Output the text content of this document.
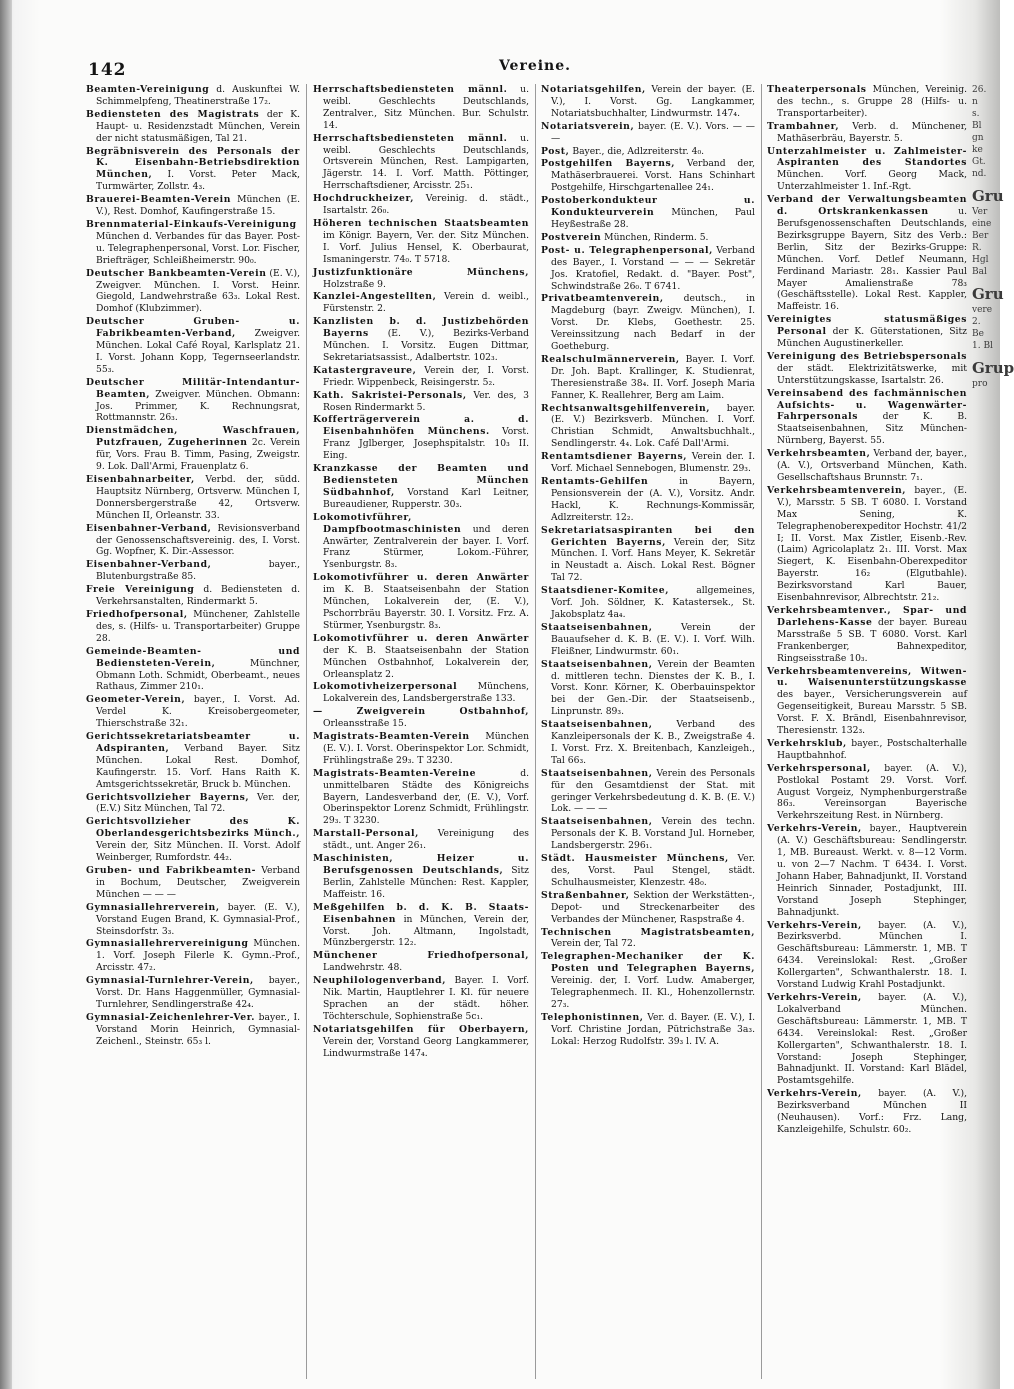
142	Vereine.

Beamten-Vereinigung d. Auskunftei W. Schimmelpfeng, Theatinerstraße 17₂.

Bediensteten des Magistrats der K. Haupt- u. Residenzstadt München, Verein der nicht statusmäßigen, Tal 21.

Begräbnisverein des Personals der K. Eisenbahn-Betriebsdirektion München, I. Vorst. Peter Mack, Turmwärter, Zollstr. 4₃.

Brauerei-Beamten-Verein München (E. V.), Rest. Domhof, Kaufingerstraße 15.

Brennmaterial-Einkaufs-Vereinigung München d. Verbandes für das Bayer. Post- u. Telegraphenpersonal, Vorst. Lor. Fischer, Briefträger, Schleißheimerstr. 90₀.

Deutscher Bankbeamten-Verein (E. V.), Zweigver. München. I. Vorst. Heinr. Giegold, Landwehrstraße 63₃. Lokal Rest. Domhof (Klubzimmer).

Deutscher Gruben- u. Fabrikbeamten-Verband, Zweigver. München. Lokal Café Royal, Karlsplatz 21. I. Vorst. Johann Kopp, Tegernseerlandstr. 55₃.

Deutscher Militär-Intendantur-Beamten, Zweigver. München. Obmann: Jos. Primmer, K. Rechnungsrat, Rottmannstr. 26₃.

Dienstmädchen, Waschfrauen, Putzfrauen, Zugeherinnen 2c. Verein für, Vors. Frau B. Timm, Pasing, Zweigstr. 9. Lok. Dall'Armi, Frauenplatz 6.

Eisenbahnarbeiter, Verbd. der, südd. Hauptsitz Nürnberg, Ortsverw. München I, Donnersbergerstraße 42, Ortsverw. München II, Orleanstr. 33.

Eisenbahner-Verband, Revisionsverband der Genossenschaftsvereinig. des, I. Vorst. Gg. Wopfner, K. Dir.-Assessor.

Eisenbahner-Verband,	bayer., Blutenburgstraße 85.

Freie Vereinigung d. Bediensteten d. Verkehrsanstalten, Rindermarkt 5.

Friedhofpersonal, Münchener, Zahlstelle des, s. (Hilfs- u. Transportarbeiter) Gruppe 28.

Gemeinde-Beamten- und Bediensteten-Verein,	Münchner, Obmann Loth. Schmidt, Oberbeamt., neues Rathaus, Zimmer 210₁.

Geometer-Verein, bayer., I. Vorst. Ad. Verdel K. Kreisobergeometer, Thierschstraße 32₁.

Gerichtssekretariatsbeamter u. Adspiranten, Verband Bayer. Sitz München. Lokal Rest. Domhof, Kaufingerstr. 15. Vorf. Hans Raith K. Amtsgerichtssekretär, Bruck b. München.

Gerichtsvollzieher Bayerns, Ver. der, (E.V.) Sitz München, Tal 72.

Gerichtsvollzieher des K. Oberlandesgerichtsbezirks Münch., Verein der, Sitz München. II. Vorst. Adolf Weinberger, Rumfordstr. 44₂.

Gruben- und Fabrikbeamten- Verband in Bochum, Deutscher, Zweigverein München — — —

Gymnasiallehrerverein, bayer. (E. V.), Vorstand Eugen Brand, K. Gymnasial-Prof., Steinsdorfstr. 3₃.

Gymnasiallehrervereinigung München. 1. Vorf. Joseph Filerle K. Gymn.-Prof., Arcisstr. 47₂.

Gymnasial-Turnlehrer-Verein, bayer., Vorst. Dr. Hans Haggenmüller, Gymnasial-Turnlehrer, Sendlingerstraße 42₄.

Gymnasial-Zeichenlehrer-Ver. bayer., I. Vorstand Morin Heinrich, Gymnasial-Zeichenl., Steinstr. 65₃ l.

Herrschaftsbediensteten männl. u. weibl. Geschlechts Deutschlands, Zentralver., Sitz München. Bur. Schulstr. 14.

Herrschaftsbediensteten männl. u. weibl. Geschlechts Deutschlands, Ortsverein München, Rest. Lampigarten, Jägerstr. 14. I. Vorf. Matth. Pöttinger, Herrschaftsdiener, Arcisstr. 25₁.

Hochdruckheizer, Vereinig. d. städt., Isartalstr. 26₀.

Höheren technischen Staatsbeamten im Königr. Bayern, Ver. der. Sitz München. I. Vorf. Julius Hensel, K. Oberbaurat, Ismaningerstr. 74₀. T 5718.

Justizfunktionäre Münchens, Holzstraße 9.

Kanzlei-Angestellten, Verein d. weibl., Fürstenstr. 2.

Kanzlisten b. d. Justizbehörden Bayerns (E. V.), Bezirks-Verband München. I. Vorsitz. Eugen Dittmar, Sekretariatsassist., Adalbertstr. 102₃.

Katastergraveure, Verein der, I. Vorst. Friedr. Wippenbeck, Reisingerstr. 5₂.

Kath. Sakristei-Personals, Ver. des, 3 Rosen Rindermarkt 5.

Kofferträgerverein a. d. Eisenbahnhöfen Münchens. Vorst. Franz Jglberger, Josephspitalstr. 10₃ II. Eing.

Kranzkasse der Beamten und Bediensteten München Südbahnhof, Vorstand Karl Leitner, Bureaudiener, Rupperstr. 30₃.

Lokomotivführer, Dampfbootmaschinisten und deren Anwärter, Zentralverein der bayer. I. Vorf. Franz Stürmer, Lokom.-Führer, Ysenburgstr. 8₃.

Lokomotivführer u. deren Anwärter im K. B. Staatseisenbahn der Station München, Lokalverein der, (E. V.), Pschorrbräu Bayerstr. 30. I. Vorsitz. Frz. A. Stürmer, Ysenburgstr. 8₃.

Lokomotivführer u. deren Anwärter der K. B. Staatseisenbahn der Station München Ostbahnhof, Lokalverein der, Orleansplatz 2.

Lokomotivheizerpersonal Münchens, Lokalverein des, Landsbergerstraße 133.

— Zweigverein Ostbahnhof, Orleansstraße 15.

Magistrats-Beamten-Verein München (E. V.). I. Vorst. Oberinspektor Lor. Schmidt, Frühlingstraße 29₃. T 3230.

Magistrats-Beamten-Vereine	d. unmittelbaren Städte des Königreichs Bayern, Landesverband der, (E. V.), Vorf. Oberinspektor Lorenz Schmidt, Frühlingstr. 29₃. T 3230.

Marstall-Personal, Vereinigung des städt., unt. Anger 26₁.

Maschinisten, Heizer u. Berufsgenossen Deutschlands, Sitz Berlin, Zahlstelle München: Rest. Kappler, Maffeistr. 16.

Meßgehilfen b. d. K. B. Staats-Eisenbahnen in München, Verein der, Vorst. Joh. Altmann, Ingolstadt, Münzbergerstr. 12₂.

Münchener Friedhofpersonal, Landwehrstr. 48.

Neuphilologenverband, Bayer. I. Vorf. Nik. Martin, Hauptlehrer I. Kl. für neuere Sprachen an der städt. höher. Töchterschule, Sophienstraße 5c₁.

Notariatsgehilfen für Oberbayern, Verein der, Vorstand Georg Langkammerer, Lindwurmstraße 147₄.

Notariatsgehilfen, Verein der bayer. (E. V.), I. Vorst. Gg. Langkammer, Notariatsbuchhalter, Lindwurmstr. 147₄.

Notariatsverein, bayer. (E. V.). Vors. — — —

Post, Bayer., die, Adlzreiterstr. 4₀.

Postgehilfen Bayerns, Verband der, Mathäserbrauerei. Vorst. Hans Schinhart Postgehilfe, Hirschgartenallee 24₁.

Postoberkondukteur u. Kondukteurverein München, Paul Heyßestraße 28.

Postverein München, Rinderm. 5.

Post- u. Telegraphenpersonal, Verband des Bayer., I. Vorstand — — — Sekretär Jos. Kratofiel, Redakt. d. "Bayer. Post", Schwindstraße 26₀. T 6741.

Privatbeamtenverein, deutsch., in Magdeburg (bayr. Zweigv. München), I. Vorst. Dr. Klebs, Goethestr. 25. Vereinssitzung nach Bedarf in der Goetheburg.

Realschulmännerverein, Bayer. I. Vorf. Dr. Joh. Bapt. Krallinger, K. Studienrat, Theresienstraße 38₄. II. Vorf. Joseph Maria Fanner, K. Reallehrer, Berg am Laim.

Rechtsanwaltsgehilfenverein, bayer. (E. V.) Bezirksverb. München. I. Vorf. Christian Schmidt, Anwaltsbuchhalt., Sendlingerstr. 4₄. Lok. Café Dall'Armi.

Rentamtsdiener Bayerns, Verein der. I. Vorf. Michael Sennebogen, Blumenstr. 29₃.

Rentamts-Gehilfen	in Bayern, Pensionsverein der (A. V.), Vorsitz. Andr. Hackl, K. Rechnungs-Kommissär, Adlzreiterstr. 12₂.

Sekretariatsaspiranten bei den Gerichten Bayerns, Verein der, Sitz München. I. Vorf. Hans Meyer, K. Sekretär in Neustadt a. Aisch. Lokal Rest. Bögner Tal 72.

Staatsdiener-Komitee,	allgemeines, Vorf. Joh. Söldner, K. Katastersek., St. Jakobsplatz 4a₄.

Staatseisenbahnen,	Verein der Bauaufseher d. K. B. (E. V.). I. Vorf. Wilh. Fleißner, Lindwurmstr. 60₁.

Staatseisenbahnen, Verein der Beamten d. mittleren techn. Dienstes der K. B., I. Vorst. Konr. Körner, K. Oberbauinspektor bei der Gen.-Dir. der Staatseisenb., Linprunstr. 89₃.

Staatseisenbahnen,	Verband des Kanzleipersonals der K. B., Zweigstraße 4. I. Vorst. Frz. X. Breitenbach, Kanzleigeh., Tal 66₃.

Staatseisenbahnen, Verein des Personals für den Gesamtdienst der Stat. mit geringer Verkehrsbedeutung d. K. B. (E. V.) Lok. — — —

Staatseisenbahnen, Verein des techn. Personals der K. B. Vorstand Jul. Horneber, Landsbergerstr. 296₁.

Städt. Hausmeister Münchens, Ver. des, Vorst. Paul Stengel, städt. Schulhausmeister, Klenzestr. 48₀.

Straßenbahner, Sektion der Werkstätten-, Depot- und Streckenarbeiter des Verbandes der Münchener, Raspstraße 4.

Technischen Magistratsbeamten, Verein der, Tal 72.

Telegraphen-Mechaniker der K. Posten und Telegraphen Bayerns, Vereinig. der, I. Vorf. Ludw. Amaberger, Telegraphenmech. II. Kl., Hohenzollernstr. 27₃.

Telephonistinnen, Ver. d. Bayer. (E. V.), I. Vorf. Christine Jordan, Pütrichstraße 3a₃. Lokal: Herzog Rudolfstr. 39₃ l. IV. A.

Theaterpersonals München, Vereinig. des techn., s. Gruppe 28 (Hilfs- u. Transportarbeiter).

Trambahner, Verb. d. Münchener, Mathäserbräu, Bayerstr. 5.

Unterzahlmeister u. Zahlmeister-Aspiranten des Standortes München. Vorf. Georg Mack, Unterzahlmeister 1. Inf.-Rgt.

Verband der Verwaltungsbeamten d. Ortskrankenkassen	u. Berufsgenossenschaften Deutschlands, Bezirksgruppe Bayern, Sitz des Verb.: Berlin, Sitz der Bezirks-Gruppe: München. Vorf. Detlef Neumann, Ferdinand Mariastr. 28₁. Kassier Paul Mayer Amalienstraße 78₃ (Geschäftsstelle). Lokal Rest. Kappler, Maffeistr. 16.

Vereinigtes statusmäßiges Personal der K. Güterstationen, Sitz München Augustinerkeller.

Vereinigung des Betriebspersonals der städt. Elektrizitätswerke, mit Unterstützungskasse, Isartalstr. 26.

Vereinsabend des fachmännischen Aufsichts- u. Wagenwärter-Fahrpersonals	der K. B. Staatseisenbahnen, Sitz München-Nürnberg, Bayerst. 55.

Verkehrsbeamten, Verband der, bayer., (A. V.), Ortsverband München, Kath. Gesellschaftshaus Brunnstr. 7₁.

Verkehrsbeamtenverein, bayer., (E. V.), Marsstr. 5 SB. T 6080. I. Vorstand Max Sening, K. Telegraphenoberexpeditor Hochstr. 41/2 I; II. Vorst. Max Zistler, Eisenb.-Rev. (Laim) Agricolaplatz 2₁. III. Vorst. Max Siegert, K. Eisenbahn-Oberexpeditor Bayerstr. 16₂ (Elgutbahle). Bezirksvorstand Karl Bauer, Eisenbahnrevisor, Albrechtstr. 21₂.

Verkehrsbeamtenver., Spar- und Darlehens-Kasse der bayer. Bureau Marsstraße 5 SB. T 6080. Vorst. Karl Frankenberger, Bahnexpeditor, Ringseisstraße 10₃.

Verkehrsbeamtenvereins, Witwen- u. Waisenunterstützungskasse des bayer., Versicherungsverein auf Gegenseitigkeit, Bureau Marsstr. 5 SB. Vorst. F. X. Brändl, Eisenbahnrevisor, Theresienstr. 132₃.

Verkehrsklub, bayer., Postschalterhalle Hauptbahnhof.

Verkehrspersonal, bayer. (A. V.), Postlokal Postamt 29. Vorst. Vorf. August Vorgeiz, Nymphenburgerstraße 86₃. Vereinsorgan Bayerische Verkehrszeitung Rest. in Nürnberg.

Verkehrs-Verein, bayer., Hauptverein (A. V.) Geschäftsbureau: Sendlingerstr. 1, MB. Bureaust. Werkt. v. 8—12 Vorm. u. von 2—7 Nachm. T 6434. I. Vorst. Johann Haber, Bahnadjunkt, II. Vorstand Heinrich Sinnader, Postadjunkt, III. Vorstand Joseph Stephinger, Bahnadjunkt.

Verkehrs-Verein, bayer. (A. V.), Bezirksverbd. München I. Geschäftsbureau: Lämmerstr. 1, MB. T 6434. Vereinslokal: Rest. „Großer Kollergarten", Schwanthalerstr. 18. I. Vorstand Ludwig Krahl Postadjunkt.

Verkehrs-Verein, bayer. (A. V.), Lokalverband München. Geschäftsbureau: Lämmerstr. 1, MB. T 6434. Vereinslokal: Rest. „Großer Kollergarten", Schwanthalerstr. 18. I. Vorstand: Joseph Stephinger, Bahnadjunkt. II. Vorstand: Karl Blädel, Postamtsgehilfe.

Verkehrs-Verein, bayer. (A. V.), Bezirksverband München II (Neuhausen). Vorf.: Frz. Lang, Kanzleigehilfe, Schulstr. 60₂.

26.
n
s.
Bl
gn
ke
Gt.
nd.
Gru
Ver
eine
Ber
R.
Hgl
Bal
Gru
vere
2.
Be
1. Bl
Grup
pro
